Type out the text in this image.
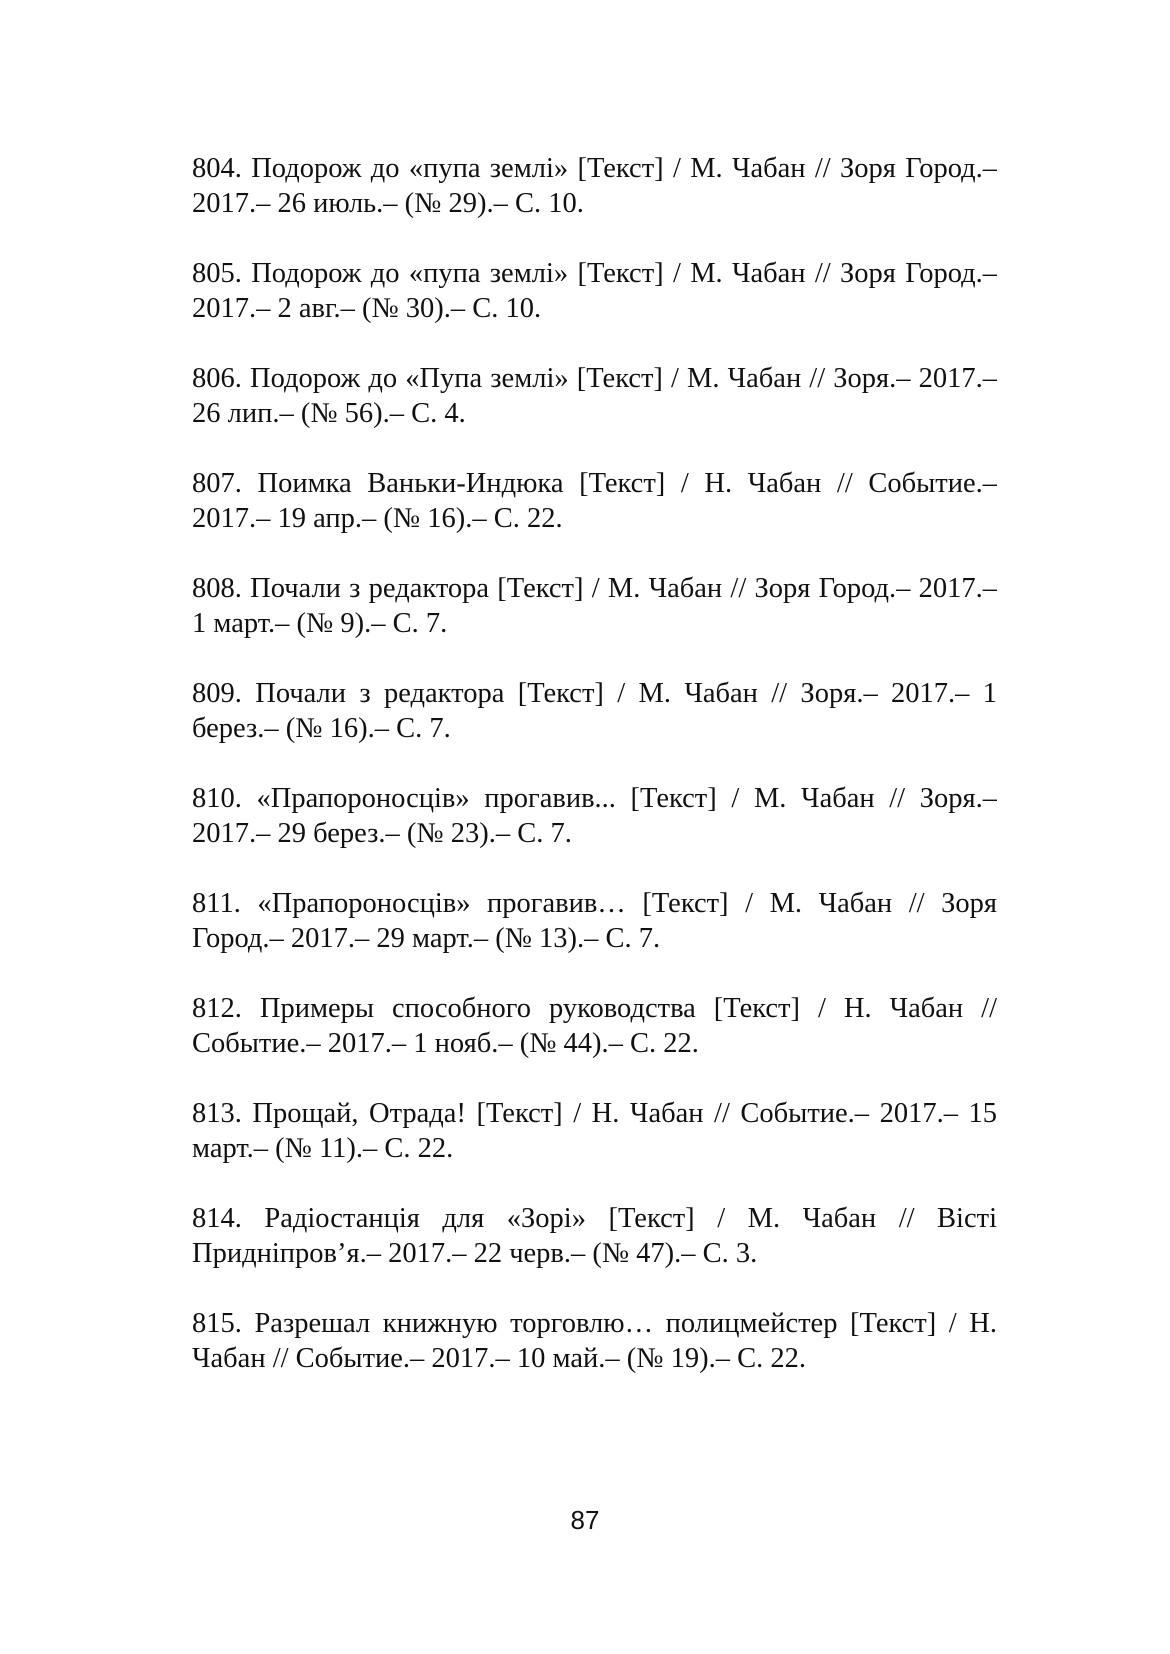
804. Подорож до «пупа землі» [Текст] / М. Чабан // Зоря Город.– 2017.– 26 июль.– (№ 29).– С. 10.

805. Подорож до «пупа землі» [Текст] / М. Чабан // Зоря Город.– 2017.– 2 авг.– (№ 30).– С. 10.

806. Подорож до «Пупа землі» [Текст] / М. Чабан // Зоря.– 2017.– 26 лип.– (№ 56).– С. 4.

807. Поимка Ваньки-Индюка [Текст] / Н. Чабан // Событие.– 2017.– 19 апр.– (№ 16).– С. 22.

808. Почали з редактора [Текст] / М. Чабан // Зоря Город.– 2017.– 1 март.– (№ 9).– С. 7.

809. Почали з редактора [Текст] / М. Чабан // Зоря.– 2017.– 1 берез.– (№ 16).– С. 7.

810. «Прапороносців» прогавив... [Текст] / М. Чабан // Зоря.– 2017.– 29 берез.– (№ 23).– С. 7.

811. «Прапороносців» прогавив… [Текст] / М. Чабан // Зоря Город.– 2017.– 29 март.– (№ 13).– С. 7.

812. Примеры способного руководства [Текст] / Н. Чабан // Событие.– 2017.– 1 нояб.– (№ 44).– С. 22.

813. Прощай, Отрада! [Текст] / Н. Чабан // Событие.– 2017.– 15 март.– (№ 11).– С. 22.

814. Радіостанція для «Зорі» [Текст] / М. Чабан // Вісті Придніпров’я.– 2017.– 22 черв.– (№ 47).– С. 3.

815. Разрешал книжную торговлю… полицмейстер [Текст] / Н. Чабан // Событие.– 2017.– 10 май.– (№ 19).– С. 22.

87
